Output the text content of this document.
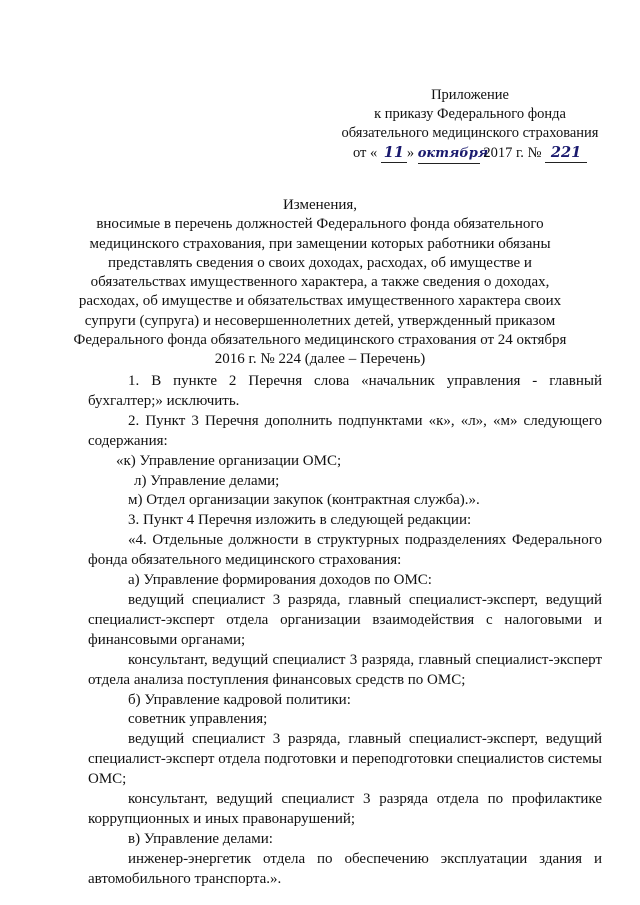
Приложение
к приказу Федерального фонда
обязательного медицинского страхования
от « 11 » октября 2017 г. № 221
Изменения,
вносимые в перечень должностей Федерального фонда обязательного медицинского страхования, при замещении которых работники обязаны представлять сведения о своих доходах, расходах, об имуществе и обязательствах имущественного характера, а также сведения о доходах, расходах, об имуществе и обязательствах имущественного характера своих супруги (супруга) и несовершеннолетних детей, утвержденный приказом Федерального фонда обязательного медицинского страхования от 24 октября 2016 г. № 224 (далее – Перечень)

1. В пункте 2 Перечня слова «начальник управления - главный бухгалтер;» исключить.

2. Пункт 3 Перечня дополнить подпунктами «к», «л», «м» следующего содержания:

«к) Управление организации ОМС;

л) Управление делами;

м) Отдел организации закупок (контрактная служба).».

3. Пункт 4 Перечня изложить в следующей редакции:

«4. Отдельные должности в структурных подразделениях Федерального фонда обязательного медицинского страхования:

а) Управление формирования доходов по ОМС:

ведущий специалист 3 разряда, главный специалист-эксперт, ведущий специалист-эксперт отдела организации взаимодействия с налоговыми и финансовыми органами;

консультант, ведущий специалист 3 разряда, главный специалист-эксперт отдела анализа поступления финансовых средств по ОМС;

б) Управление кадровой политики:

советник управления;

ведущий специалист 3 разряда, главный специалист-эксперт, ведущий специалист-эксперт отдела подготовки и переподготовки специалистов системы ОМС;

консультант, ведущий специалист 3 разряда отдела по профилактике коррупционных и иных правонарушений;

в) Управление делами:

инженер-энергетик отдела по обеспечению эксплуатации здания и автомобильного транспорта.».
